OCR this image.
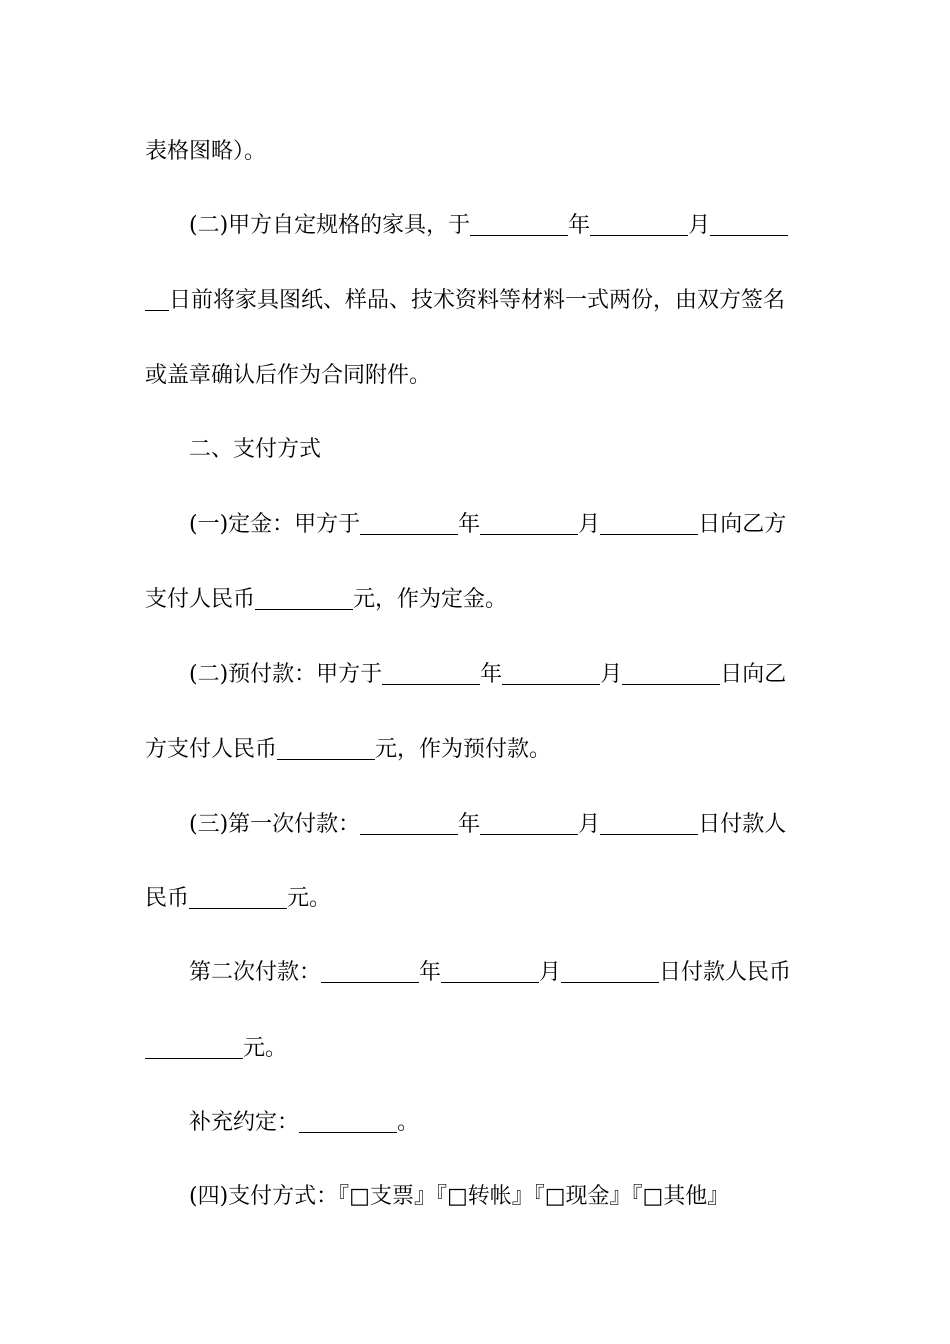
表格图略）。
(二)甲方自定规格的家具，于	年	月
日前将家具图纸、样品、技术资料等材料一式两份，由双方签名
或盖章确认后作为合同附件。
二、支付方式
(一)定金：甲方于	年	月	日向乙方
支付人民币	元，作为定金。
(二)预付款：甲方于	年	月	日向乙
方支付人民币	元，作为预付款。
(三)第一次付款：	年	月	日付款人
民币	元。
第二次付款：	年	月	日付款人民币
元。
补充约定：	。
(四)支付方式：『□支票』『□转帐』『□现金』『□其他』
